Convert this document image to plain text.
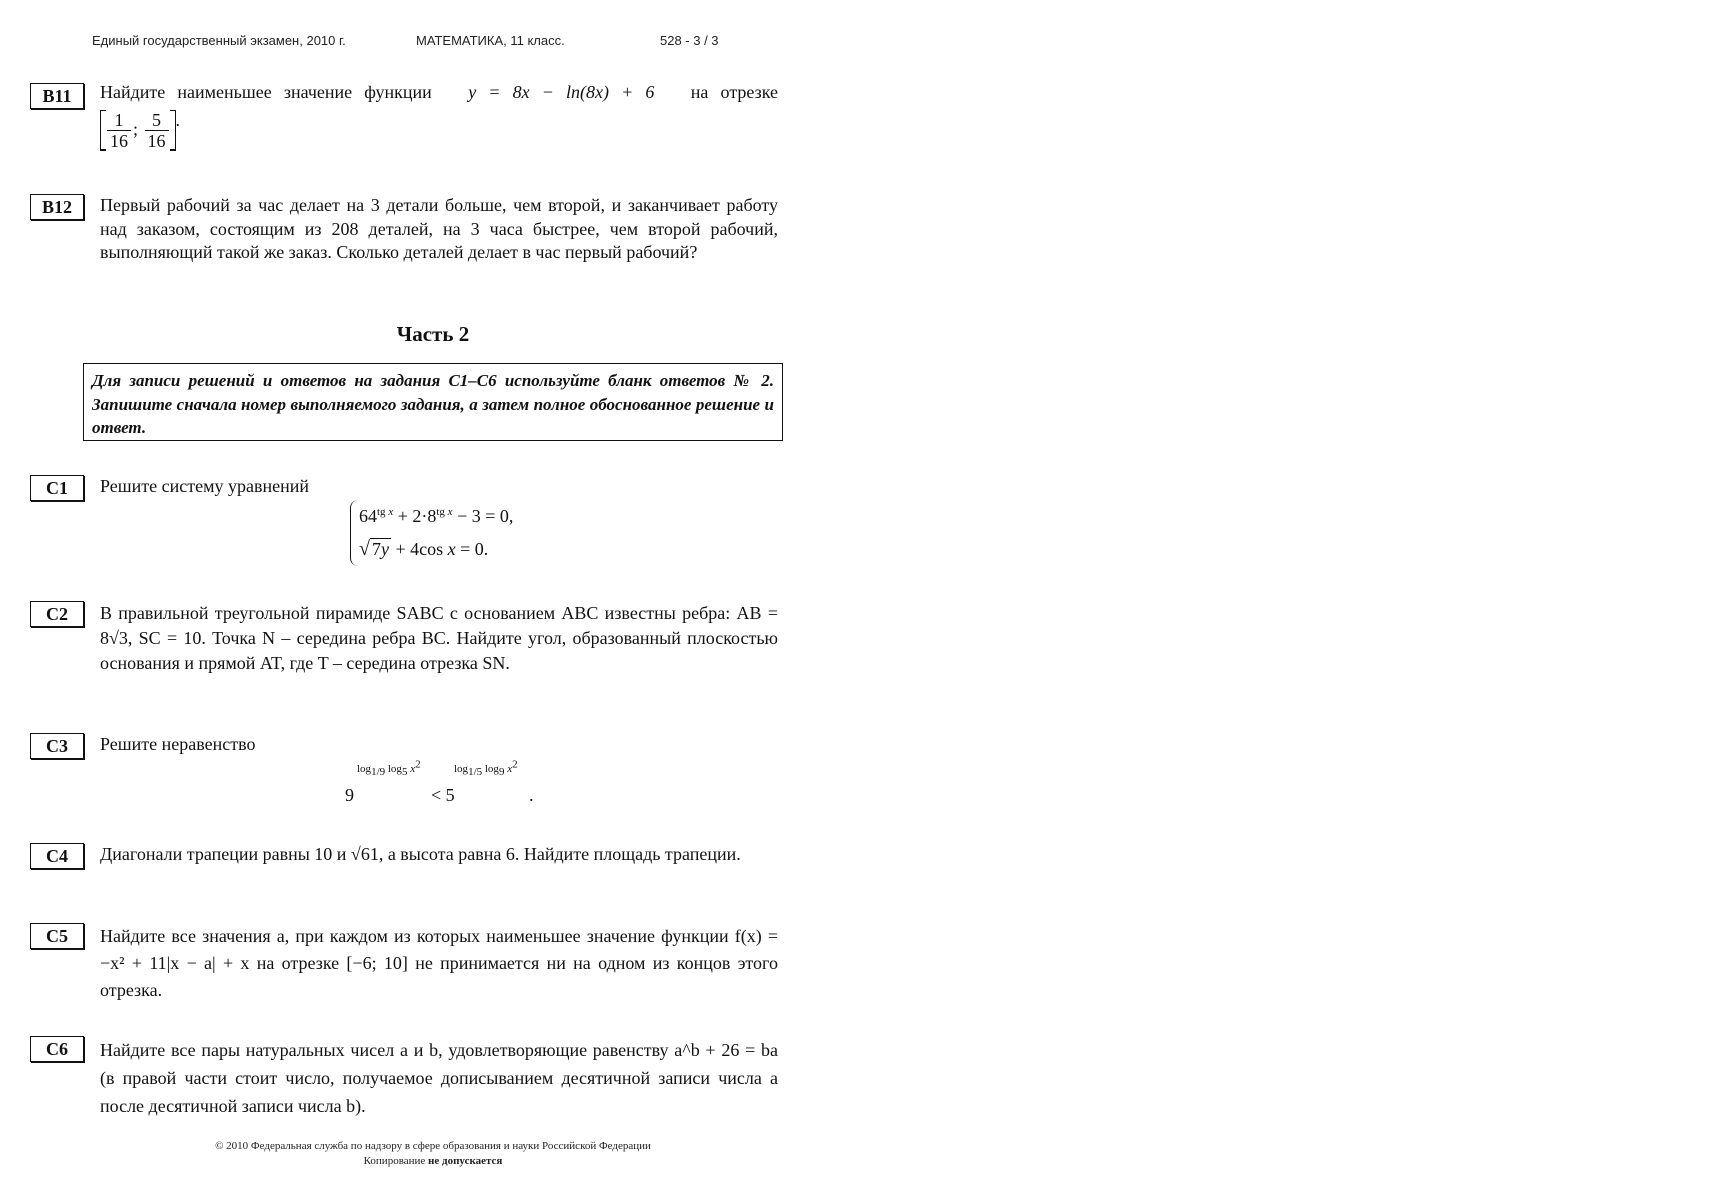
Единый государственный экзамен, 2010 г.	МАТЕМАТИКА, 11 класс.	528 - 3 / 3
B11	Найдите наименьшее значение функции y = 8x − ln(8x) + 6 на отрезке

$\frac{1}{16}$ ; $\frac{5}{16}$ .

B12	Первый рабочий за час делает на 3 детали больше, чем второй, и заканчивает работу над заказом, состоящим из 208 деталей, на 3 часа быстрее, чем второй рабочий, выполняющий такой же заказ. Сколько деталей делает в час первый рабочий?
Часть 2
Для записи решений и ответов на задания С1–С6 используйте бланк ответов № 2. Запишите сначала номер выполняемого задания, а затем полное обоснованное решение и ответ.
C1	Решите систему уравнений
$64^{tg x} + 2\cdot 8^{tg x} - 3 = 0$,
√ 7y + 4cos x = 0.
C2	В правильной треугольной пирамиде SABC с основанием ABC известны ребра: AB = 8√3, SC = 10. Точка N – середина ребра BC. Найдите угол, образованный плоскостью основания и прямой AT, где T – середина отрезка SN.
C3	Решите неравенство
9
$\log_{1/9} \log_5 x^2$
< 5
$\log_{1/5} \log_9 x^2$
.
C4	Диагонали трапеции равны 10 и √61, а высота равна 6. Найдите площадь трапеции.
C5	Найдите все значения a, при каждом из которых наименьшее значение функции f(x) = −x² + 11|x − a| + x на отрезке [−6; 10] не принимается ни на одном из концов этого отрезка.
C6	Найдите все пары натуральных чисел a и b, удовлетворяющие равенству a^b + 26 = ba (в правой части стоит число, получаемое дописыванием десятичной записи числа a после десятичной записи числа b).
© 2010 Федеральная служба по надзору в сфере образования и науки Российской Федерации
Копирование не допускается
